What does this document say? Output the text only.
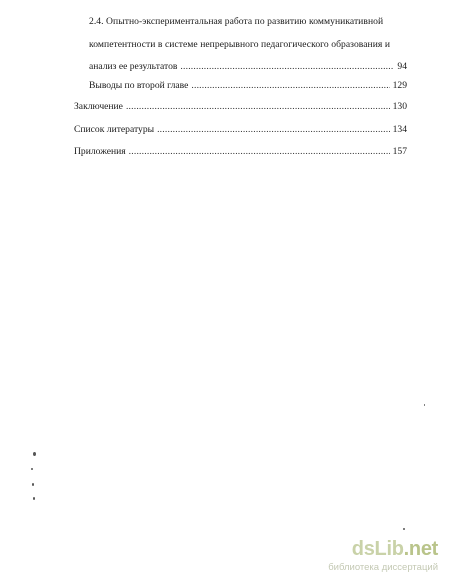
2.4. Опытно-экспериментальная работа по развитию коммуникативной
компетентности в системе непрерывного педагогического образования и
анализ ее результатов .....	94
Выводы по второй главе .....	129
Заключение .....	130
Список литературы .....	134
Приложения .....	157
dsLib.net
библиотека диссертаций
